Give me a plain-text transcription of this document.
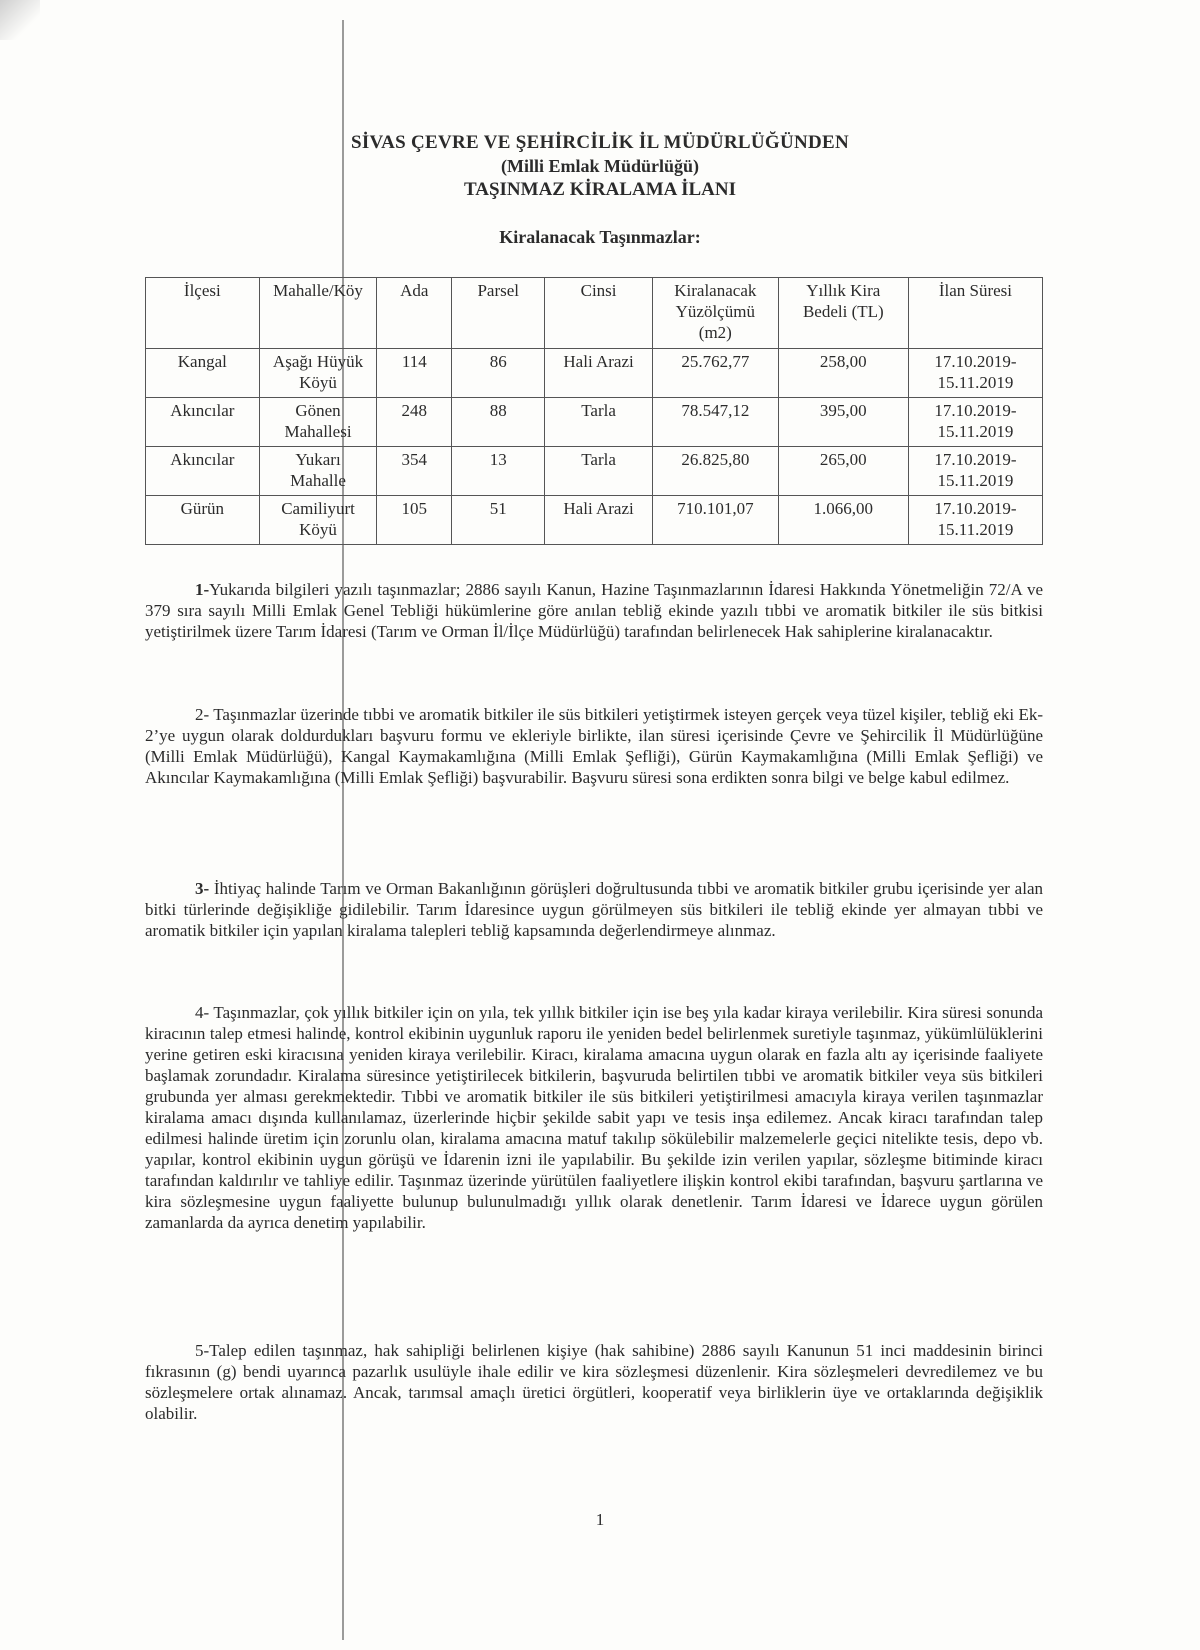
SİVAS ÇEVRE VE ŞEHİRCİLİK İL MÜDÜRLÜĞÜNDEN
(Milli Emlak Müdürlüğü)
TAŞINMAZ KİRALAMA İLANI
Kiralanacak Taşınmazlar:
İlçesi	Mahalle/Köy	Ada	Parsel	Cinsi	Kiralanacak Yüzölçümü (m2)	Yıllık Kira Bedeli (TL)	İlan Süresi
Kangal	Aşağı Hüyük Köyü	114	86	Hali Arazi	25.762,77	258,00	17.10.2019- 15.11.2019
Akıncılar	Gönen Mahallesi	248	88	Tarla	78.547,12	395,00	17.10.2019- 15.11.2019
Akıncılar	Yukarı Mahalle	354	13	Tarla	26.825,80	265,00	17.10.2019- 15.11.2019
Gürün	Camiliyurt Köyü	105	51	Hali Arazi	710.101,07	1.066,00	17.10.2019- 15.11.2019

1-Yukarıda bilgileri yazılı taşınmazlar; 2886 sayılı Kanun, Hazine Taşınmazlarının İdaresi Hakkında Yönetmeliğin 72/A ve 379 sıra sayılı Milli Emlak Genel Tebliği hükümlerine göre anılan tebliğ ekinde yazılı tıbbi ve aromatik bitkiler ile süs bitkisi yetiştirilmek üzere Tarım İdaresi (Tarım ve Orman İl/İlçe Müdürlüğü) tarafından belirlenecek Hak sahiplerine kiralanacaktır.

2- Taşınmazlar üzerinde tıbbi ve aromatik bitkiler ile süs bitkileri yetiştirmek isteyen gerçek veya tüzel kişiler, tebliğ eki Ek-2’ye uygun olarak doldurdukları başvuru formu ve ekleriyle birlikte, ilan süresi içerisinde Çevre ve Şehircilik İl Müdürlüğüne (Milli Emlak Müdürlüğü), Kangal Kaymakamlığına (Milli Emlak Şefliği), Gürün Kaymakamlığına (Milli Emlak Şefliği) ve Akıncılar Kaymakamlığına (Milli Emlak Şefliği) başvurabilir. Başvuru süresi sona erdikten sonra bilgi ve belge kabul edilmez.

3- İhtiyaç halinde Tarım ve Orman Bakanlığının görüşleri doğrultusunda tıbbi ve aromatik bitkiler grubu içerisinde yer alan bitki türlerinde değişikliğe gidilebilir. Tarım İdaresince uygun görülmeyen süs bitkileri ile tebliğ ekinde yer almayan tıbbi ve aromatik bitkiler için yapılan kiralama talepleri tebliğ kapsamında değerlendirmeye alınmaz.

4- Taşınmazlar, çok yıllık bitkiler için on yıla, tek yıllık bitkiler için ise beş yıla kadar kiraya verilebilir. Kira süresi sonunda kiracının talep etmesi halinde, kontrol ekibinin uygunluk raporu ile yeniden bedel belirlenmek suretiyle taşınmaz, yükümlülüklerini yerine getiren eski kiracısına yeniden kiraya verilebilir. Kiracı, kiralama amacına uygun olarak en fazla altı ay içerisinde faaliyete başlamak zorundadır. Kiralama süresince yetiştirilecek bitkilerin, başvuruda belirtilen tıbbi ve aromatik bitkiler veya süs bitkileri grubunda yer alması gerekmektedir. Tıbbi ve aromatik bitkiler ile süs bitkileri yetiştirilmesi amacıyla kiraya verilen taşınmazlar kiralama amacı dışında kullanılamaz, üzerlerinde hiçbir şekilde sabit yapı ve tesis inşa edilemez. Ancak kiracı tarafından talep edilmesi halinde üretim için zorunlu olan, kiralama amacına matuf takılıp sökülebilir malzemelerle geçici nitelikte tesis, depo vb. yapılar, kontrol ekibinin uygun görüşü ve İdarenin izni ile yapılabilir. Bu şekilde izin verilen yapılar, sözleşme bitiminde kiracı tarafından kaldırılır ve tahliye edilir. Taşınmaz üzerinde yürütülen faaliyetlere ilişkin kontrol ekibi tarafından, başvuru şartlarına ve kira sözleşmesine uygun faaliyette bulunup bulunulmadığı yıllık olarak denetlenir. Tarım İdaresi ve İdarece uygun görülen zamanlarda da ayrıca denetim yapılabilir.

5-Talep edilen taşınmaz, hak sahipliği belirlenen kişiye (hak sahibine) 2886 sayılı Kanunun 51 inci maddesinin birinci fıkrasının (g) bendi uyarınca pazarlık usulüyle ihale edilir ve kira sözleşmesi düzenlenir. Kira sözleşmeleri devredilemez ve bu sözleşmelere ortak alınamaz. Ancak, tarımsal amaçlı üretici örgütleri, kooperatif veya birliklerin üye ve ortaklarında değişiklik olabilir.

1
